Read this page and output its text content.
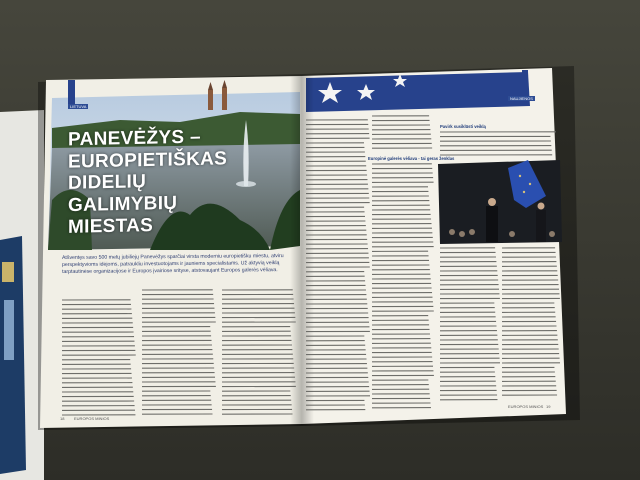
LIETUVA
NAUJIENOS
PANEVĖŽYS –
EUROPIETIŠKAS
DIDELIŲ
GALIMYBIŲ
MIESTAS
Atšventęs savo 500 metų jubiliejų Panevėžys sparčiai virsta moderniu europietišku miestu, atviru perspektyvioms idėjoms, patraukliu investuotojams ir jauniems specialistams. Už aktyvią veiklą tarptautinėse organizacijose ir Europos įvairiose srityse, atstovaujant Europos galerės vėliava.
Europinė galerės vėliava - tai geras ženklas
Pavirk susiklūsti veiklą
18 EUROPOS MINIOS
EUROPOS MINIOS 19
